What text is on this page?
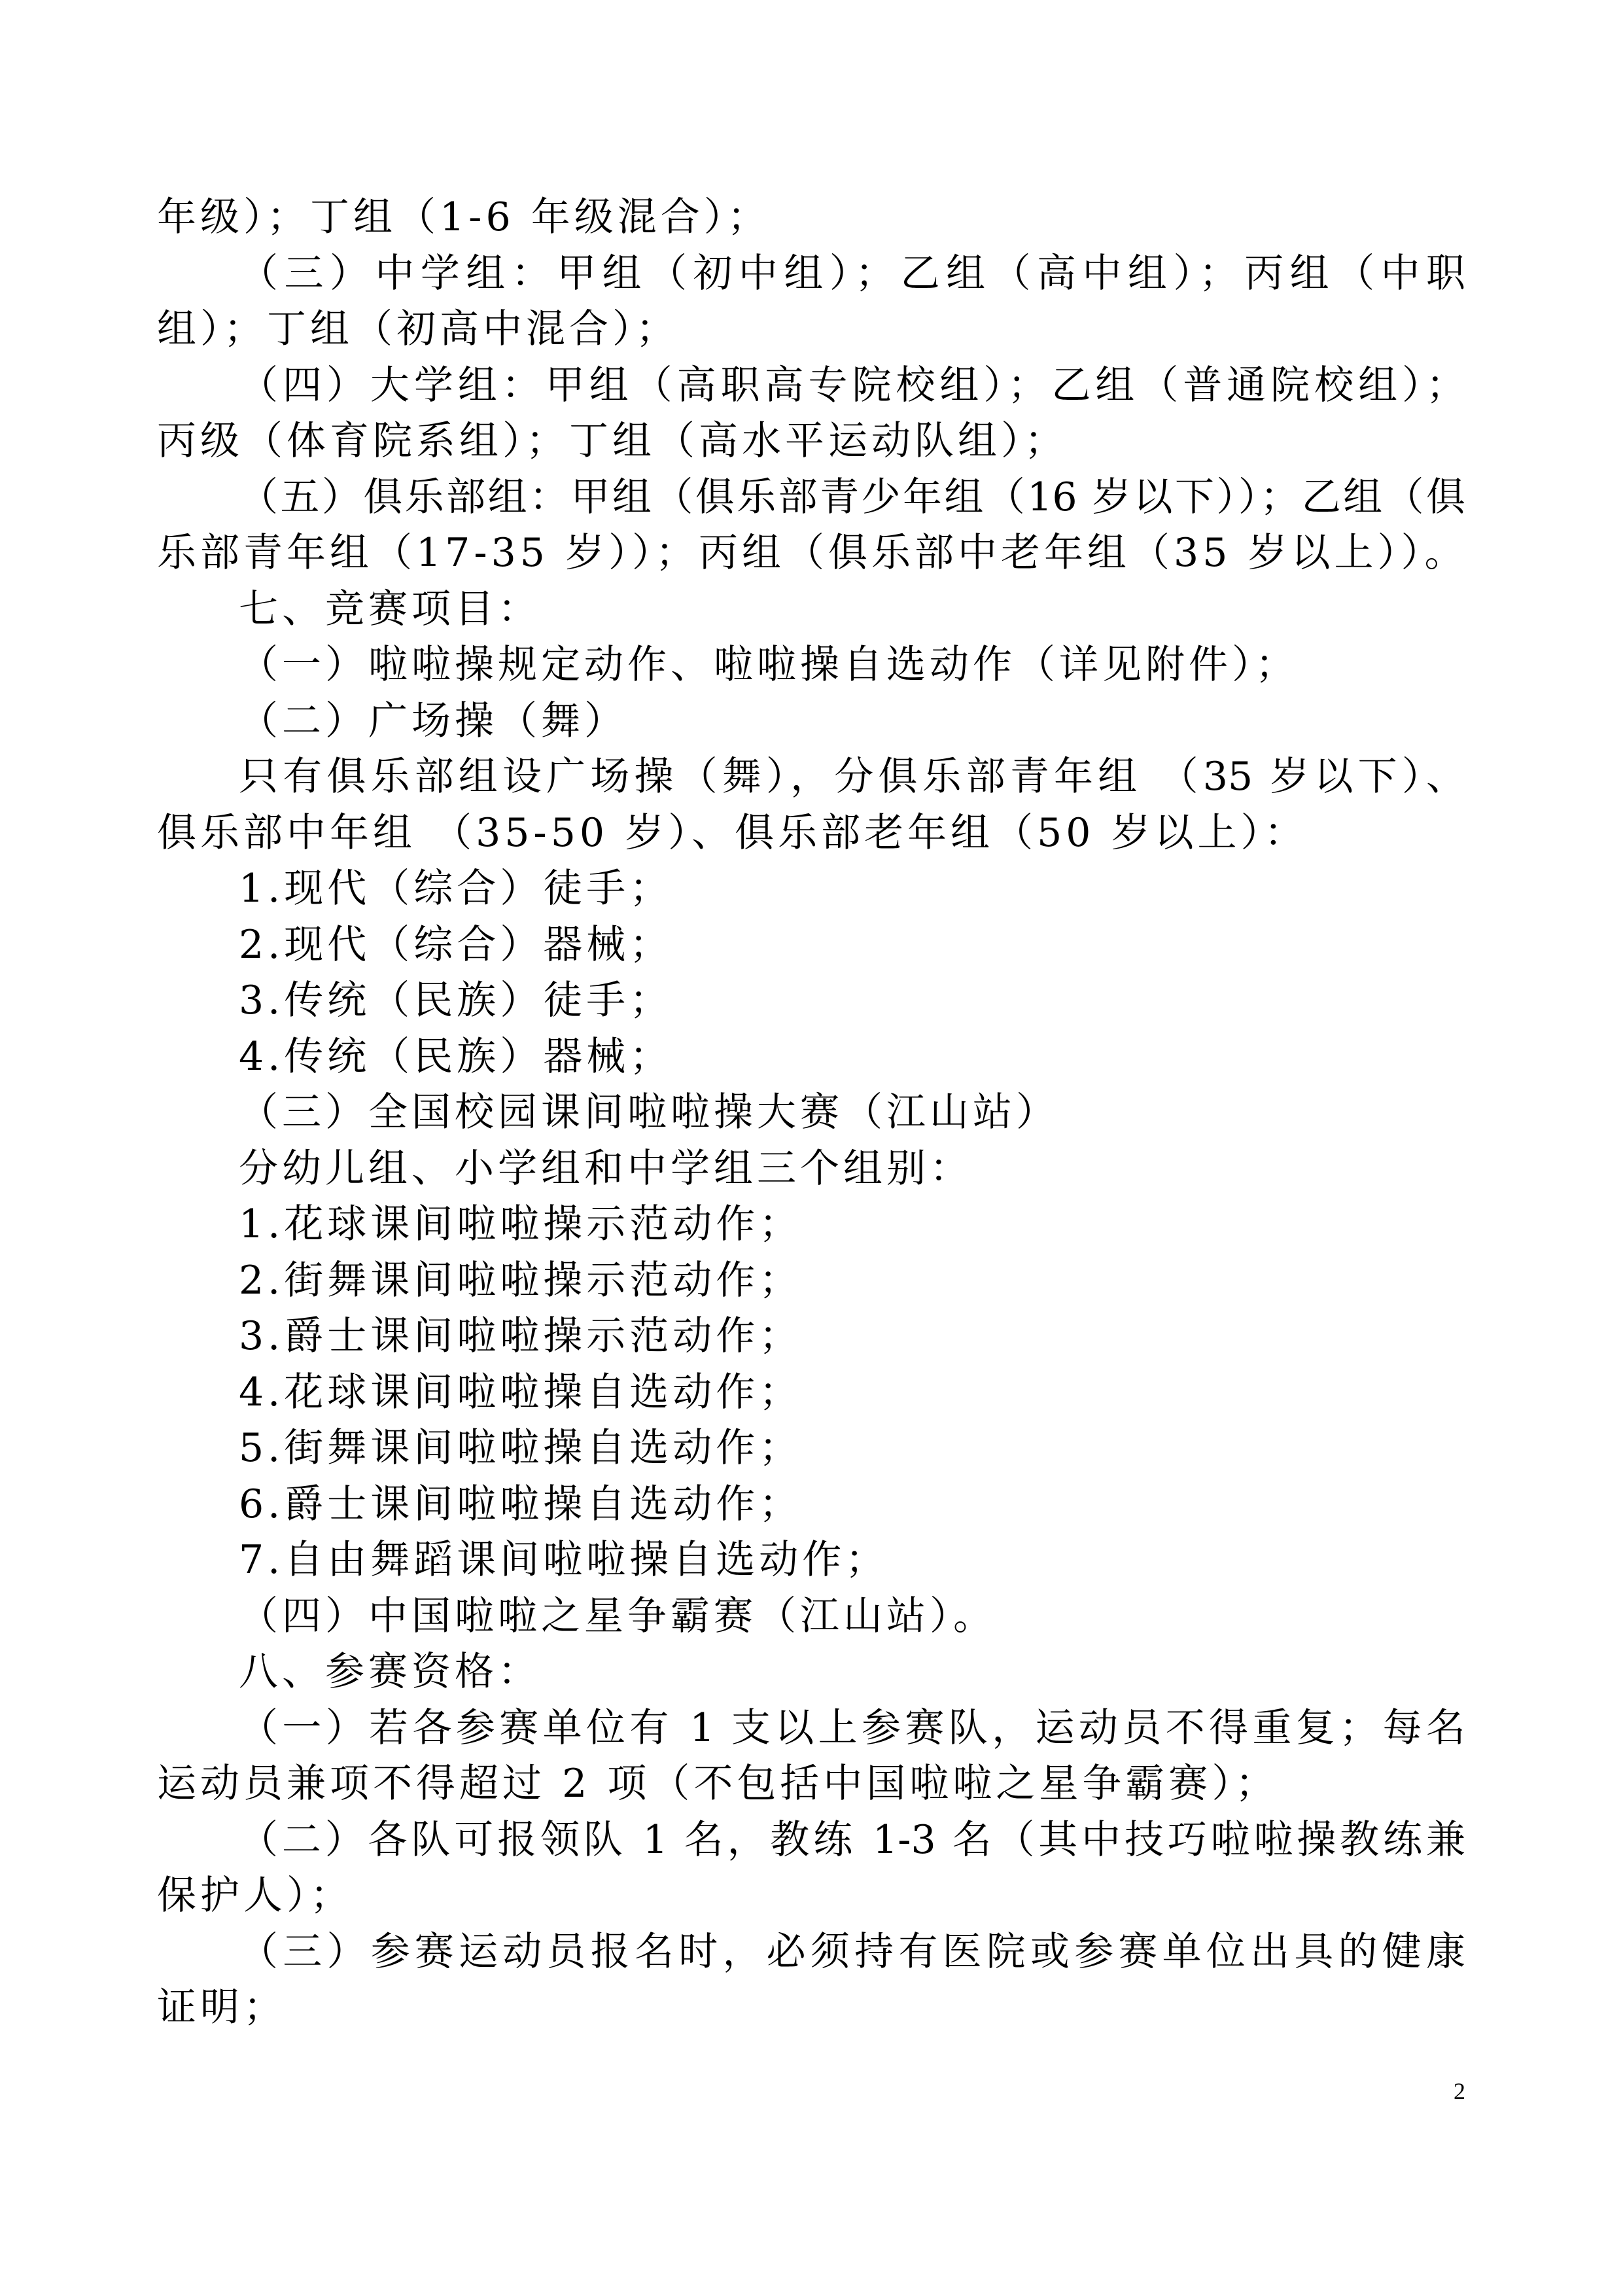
年级）；丁组（1-6 年级混合）；
（三）中学组：甲组（初中组）；乙组（高中组）；丙组（中职
组）；丁组（初高中混合）；
（四）大学组：甲组（高职高专院校组）；乙组（普通院校组）；
丙级（体育院系组）；丁组（高水平运动队组）；
（五）俱乐部组：甲组（俱乐部青少年组（16 岁以下））；乙组（俱
乐部青年组（17-35 岁））；丙组（俱乐部中老年组（35 岁以上））。
七、竞赛项目：
（一）啦啦操规定动作、啦啦操自选动作（详见附件）；
（二）广场操（舞）
只有俱乐部组设广场操（舞），分俱乐部青年组 （35 岁以下）、
俱乐部中年组 （35-50 岁）、俱乐部老年组（50 岁以上）：
1.现代（综合）徒手；
2.现代（综合）器械；
3.传统（民族）徒手；
4.传统（民族）器械；
（三）全国校园课间啦啦操大赛（江山站）
分幼儿组、小学组和中学组三个组别：
1.花球课间啦啦操示范动作；
2.街舞课间啦啦操示范动作；
3.爵士课间啦啦操示范动作；
4.花球课间啦啦操自选动作；
5.街舞课间啦啦操自选动作；
6.爵士课间啦啦操自选动作；
7.自由舞蹈课间啦啦操自选动作；
（四）中国啦啦之星争霸赛（江山站）。
八、参赛资格：
（一）若各参赛单位有 1 支以上参赛队，运动员不得重复；每名
运动员兼项不得超过 2 项（不包括中国啦啦之星争霸赛）；
（二）各队可报领队 1 名，教练 1-3 名（其中技巧啦啦操教练兼
保护人）；
（三）参赛运动员报名时，必须持有医院或参赛单位出具的健康
证明；
2
